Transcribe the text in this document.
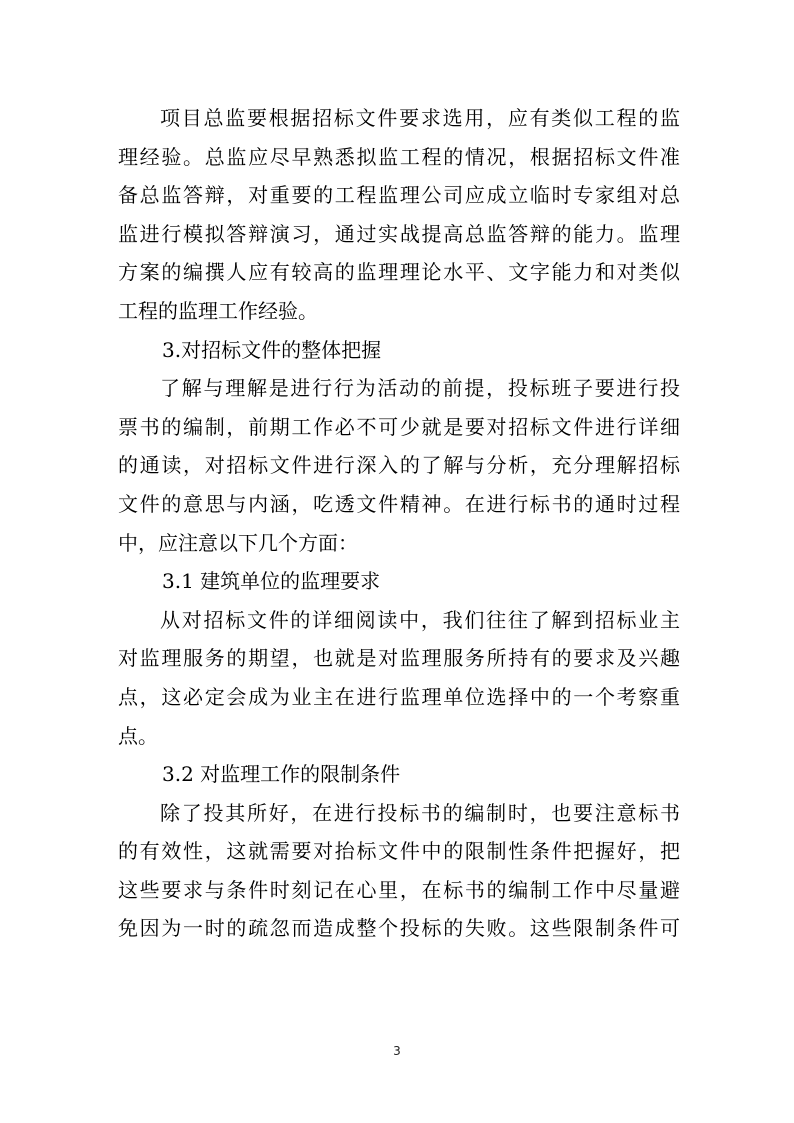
项目总监要根据招标文件要求选用，应有类似工程的监
理经验。总监应尽早熟悉拟监工程的情况，根据招标文件准
备总监答辩，对重要的工程监理公司应成立临时专家组对总
监进行模拟答辩演习，通过实战提高总监答辩的能力。监理
方案的编撰人应有较高的监理理论水平、文字能力和对类似
工程的监理工作经验。
3.对招标文件的整体把握
了解与理解是进行行为活动的前提，投标班子要进行投
票书的编制，前期工作必不可少就是要对招标文件进行详细
的通读，对招标文件进行深入的了解与分析，充分理解招标
文件的意思与内涵，吃透文件精神。在进行标书的通时过程
中，应注意以下几个方面：
3.1 建筑单位的监理要求
从对招标文件的详细阅读中，我们往往了解到招标业主
对监理服务的期望，也就是对监理服务所持有的要求及兴趣
点，这必定会成为业主在进行监理单位选择中的一个考察重
点。
3.2 对监理工作的限制条件
除了投其所好，在进行投标书的编制时，也要注意标书
的有效性，这就需要对抬标文件中的限制性条件把握好，把
这些要求与条件时刻记在心里，在标书的编制工作中尽量避
免因为一时的疏忽而造成整个投标的失败。这些限制条件可
3
